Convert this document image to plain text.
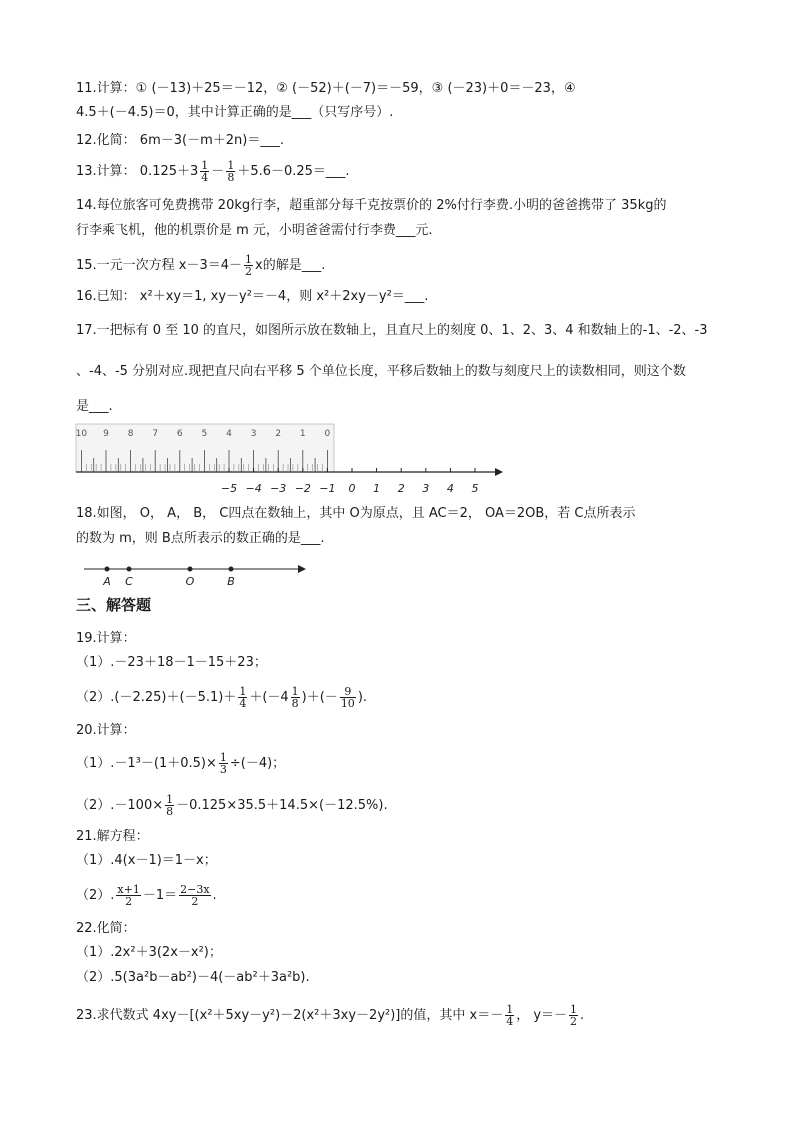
11.计算：① (－13)＋25＝－12，② (－52)＋(－7)＝－59，③ (－23)＋0＝－23，④
4.5＋(－4.5)＝0，其中计算正确的是___（只写序号）.
12.化简： 6m－3(－m＋2n)＝___.
13.计算： $0.125+3 \frac{1}{4} - \frac{1}{8}$ ＋5.6－0.25＝___.
14.每位旅客可免费携带 20kg行李，超重部分每千克按票价的 2%付行李费.小明的爸爸携带了 35kg的
行李乘飞机，他的机票价是 m 元，小明爸爸需付行李费___元.
15.一元一次方程 $x-3=4- \frac{1}{2}$ x的解是___.
16.已知： x²＋xy＝1, xy－y²＝－4，则 x²＋2xy－y²＝___.
17.一把标有 0 至 10 的直尺，如图所示放在数轴上，且直尺上的刻度 0、1、2、3、4 和数轴上的-1、-2、-3
、-4、-5 分别对应.现把直尺向右平移 5 个单位长度，平移后数轴上的数与刻度尺上的读数相同，则这个数
是___.
10 9 8 7 6 5 4 3 2 1 0
−5 −4 −3 −2 −1 0 1 2 3 4 5
18.如图， O， A， B， C四点在数轴上，其中 O为原点，且 AC＝2， OA＝2OB，若 C点所表示
的数为 m，则 B点所表示的数正确的是___.
A C	O	B
三、解答题
19.计算：
（1）.－23＋18－1－15＋23；
$(2).(-2.25)+(-5.1)+ \frac{1}{4} +(-4 \frac{1}{8}$ )＋(－ $\frac{9}{10}$ ).
20.计算：
$(1).-1^3-(1+0.5)\times \frac{1}{3} \div(-4)$；
$(2).-100\times \frac{1}{8} -0.125\times 35.5+14.5\times(-12.5\%)$.
21.解方程：
（1）.4(x－1)＝1－x；
（2）. $\frac{x+1}{2} -1= \frac{2-3x}{2}$ .
22.化简：
（1）.2x²＋3(2x－x²)；
（2）.5(3a²b－ab²)－4(－ab²＋3a²b).
23.求代数式 4xy－[(x²＋5xy－y²)－2(x²＋3xy－2y²)]的值，其中 $x=- \frac{1}{4}$ ， $y=- \frac{1}{2}$ .
